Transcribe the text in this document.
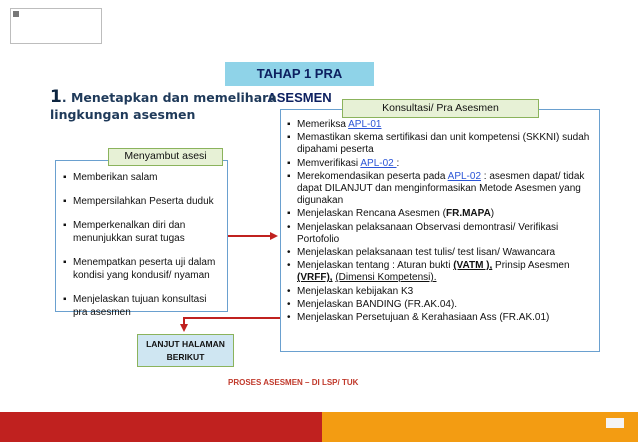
TAHAP 1 PRA ASESMEN
1. Menetapkan dan memelihara
lingkungan asesmen
▪ Memberikan salam
▪ Mempersilahkan Peserta duduk
▪ Memperkenalkan diri dan menunjukkan surat tugas
▪ Menempatkan peserta uji dalam kondisi yang kondusif/ nyaman
▪ Menjelaskan tujuan konsultasi pra asesmen
Menyambut asesi
▪ Memeriksa APL-01
▪ Memastikan skema sertifikasi dan unit kompetensi (SKKNI) sudah dipahami peserta
▪ Memverifikasi APL-02 :
▪ Merekomendasikan peserta pada APL-02 : asesmen dapat/ tidak dapat DILANJUT dan menginformasikan Metode Asesmen yang digunakan
▪ Menjelaskan Rencana Asesmen (FR.MAPA)
• Menjelaskan pelaksanaan Observasi demontrasi/ Verifikasi Portofolio
• Menjelaskan pelaksanaan test tulis/ test lisan/ Wawancara
• Menjelaskan tentang : Aturan bukti (VATM ), Prinsip Asesmen (VRFF), (Dimensi Kompetensi).
• Menjelaskan kebijakan K3
• Menjelaskan BANDING (FR.AK.04).
• Menjelaskan Persetujuan & Kerahasiaan Ass (FR.AK.01)
Konsultasi/ Pra Asesmen
LANJUT HALAMAN
BERIKUT
PROSES ASESMEN – DI LSP/ TUK
